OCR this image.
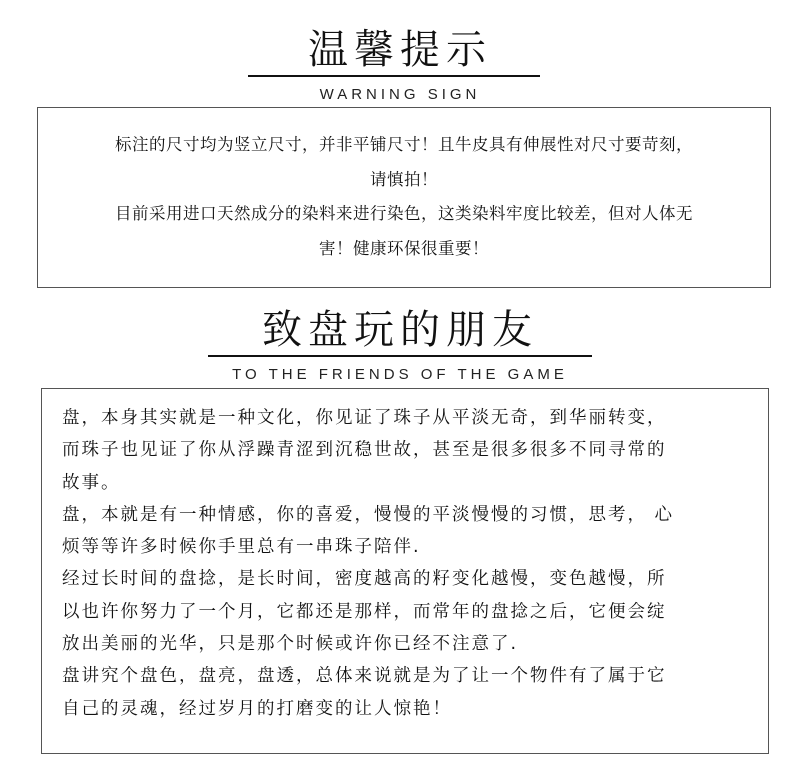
温馨提示
WARNING SIGN

标注的尺寸均为竖立尺寸，并非平铺尺寸！且牛皮具有伸展性对尺寸要苛刻，

请慎拍！

目前采用进口天然成分的染料来进行染色，这类染料牢度比较差，但对人体无

害！健康环保很重要！

致盘玩的朋友
TO THE FRIENDS OF THE GAME

盘，本身其实就是一种文化，你见证了珠子从平淡无奇，到华丽转变，

而珠子也见证了你从浮躁青涩到沉稳世故，甚至是很多很多不同寻常的

故事。

盘，本就是有一种情感，你的喜爱，慢慢的平淡慢慢的习惯，思考， 心

烦等等许多时候你手里总有一串珠子陪伴.

经过长时间的盘捻，是长时间，密度越高的籽变化越慢，变色越慢，所

以也许你努力了一个月，它都还是那样，而常年的盘捻之后，它便会绽

放出美丽的光华，只是那个时候或许你已经不注意了.

盘讲究个盘色，盘亮，盘透，总体来说就是为了让一个物件有了属于它

自己的灵魂，经过岁月的打磨变的让人惊艳！
